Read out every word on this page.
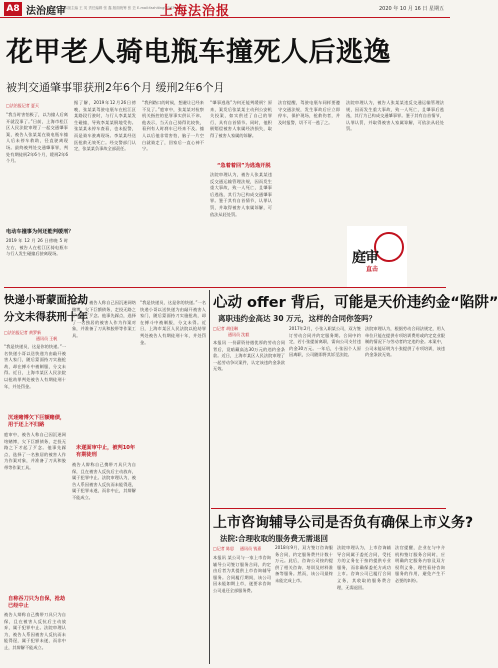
A8 法治庭审
本版主编 王 英 责任编辑 张 鑫 版面统筹 张 芸 E-mail:fazhiting@163.com
上海法治报	2020 年 10 月 16 日 星期五
花甲老人骑电瓶车撞死人后逃逸
被判交通肇事罪获刑2年6个月 缓刑2年6个月
□法治报记者 夏天
“我当时害怕极了，以为撞人后离开就没事了。”日前，上海市松江区人民法院审理了一起交通肇事案，被告人张某某在骑电瓶车撞人后未停车救助，径直驶离现场。最终被判处交通肇事罪，判处有期徒刑2年6个月，缓刑2年6个月。
据了解，2019年12月26日傍晚，张某某驾驶电瓶车在松江区某路段行驶时，与行人李某某发生碰撞，导致李某某倒地受伤。张某某未停车查看，也未报警，而是骑车驶离现场。李某某经送医抢救无效死亡。经交警部门认定，张某某负事故全部责任。
“我到路口的时候，想避让已经来不及了。”庭审中，张某某对检察机关指控的犯罪事实供认不讳。他表示，当天自己骑得比较快，看到有人时刹车已经来不及。撞人以后他非常害怕，脑子一片空白就骑走了，回家后一直心神不宁。
“肇事逃逸”为何还能判缓刑？原来，案发后张某某主动到公安机关投案，如实供述了自己的罪行，具有自首情节。同时，他积极赔偿被害人家属经济损失，取得了被害人家属的谅解。
“急着着回”为逃逸开脱
法院审理认为，被告人张某某违反交通运输管理法规，因而发生重大事故，致一人死亡，且肇事后逃逸，其行为已构成交通肇事罪。鉴于其有自首情节，认罪认罚，并取得被害人家属谅解，可依法从轻处罚。
法官提醒，驾驶电瓶车同样要遵守交通法规，发生事故后应立即停车，保护现场，抢救伤者，并及时报警，切不可一逃了之。
法院审理认为，被告人张某某违反交通运输管理法规，因而发生重大事故，致一人死亡，且肇事后逃逸，其行为已构成交通肇事罪。鉴于其有自首情节，认罪认罚，并取得被害人家属谅解，可依法从轻处罚。
电动车撞事为何还能判缓刑？
2019 年 12 月 26 日傍晚 5 时左右，被告人在松江区骑电瓶车与行人发生碰撞后驶离现场。	庭审
直击
快递小哥蒙面抢劫
分文未得获刑十年
□法治报记者 黄罗新
通讯员 王帆
“我是快递员，这是你的快递。”一名快递小哥以送快递为由敲开被害人家门，随后蒙面持刀实施抢劫，却在搏斗中被制服，分文未得。近日，上海市某区人民法院以抢劫罪判处被告人有期徒刑十年，并处罚金。
沉迷赌博欠下巨额赌债，用于还上不归路
庭审中，被告人称自己因沉迷网络赌博，欠下巨额债务，走投无路之下才起了歹念。他事先踩点，选择了一名独居的被害人作为作案对象，并准备了刀具和胶带等作案工具。
自称吞刀只为自保，抢劫已经中止
被告人辩称自己携带刀具只为自保，且在被害人反抗后主动放弃，属于犯罪中止。法院审理认为，被告人系因被害人反抗而未能得逞，属于犯罪未遂，而非中止，其辩解不能成立。
庭审中，被告人称自己因沉迷网络赌博，欠下巨额债务，走投无路之下才起了歹念。他事先踩点，选择了一名独居的被害人作为作案对象，并准备了刀具和胶带等作案工具。
未遂面审中止，被判10年有期徒刑
被告人辩称自己携带刀具只为自保，且在被害人反抗后主动放弃，属于犯罪中止。法院审理认为，被告人系因被害人反抗而未能得逞，属于犯罪未遂，而非中止，其辩解不能成立。
“我是快递员，这是你的快递。”一名快递小哥以送快递为由敲开被害人家门，随后蒙面持刀实施抢劫，却在搏斗中被制服，分文未得。近日，上海市某区人民法院以抢劫罪判处被告人有期徒刑十年，并处罚金。
心动 offer 背后，可能是天价违约金“陷阱”
离职违约金高达 30 万元，这样的合同你签吗？
□记者 胡佳琳
通讯员 沈毅
本报讯 一份薪资待遇优厚的劳动合同背后，竟暗藏高达30万元的违约金条款。近日，上海市某区人民法院审理了一起劳动争议案件，认定该违约金条款无效。
2017年2月，小张入职某公司，双方签订劳动合同并约定服务期。合同中约定，若小张提前离职，需向公司支付违约金30万元。一年后，小张因个人原因离职，公司随即将其诉至法院。
法院审理认为，根据劳动合同法规定，用人单位只能在提供专项培训费用或约定竞业限制的情况下与劳动者约定违约金。本案中，公司未能证明为小张提供了专项培训，该违约金条款无效。
上市咨询辅导公司是否负有确保上市义务?
法院:合理收取的服务费无需退回
□记者 陈思 通讯员 钱嘉
本报讯 某公司与一家上市咨询辅导公司签订服务合同，约定由后者为其提供上市咨询辅导服务。合同履行期间，该公司因未能如期上市，遂要求咨询公司退还全部服务费。
2018年9月，双方签订咨询服务合同，约定服务费共计数十万元。此后，咨询公司按约提供了相关咨询、培训及材料准备等服务。然而，该公司最终未能完成上市。
法院审理认为，上市咨询辅导合同属于委托合同，受托方的义务在于按约提供专业服务，而非确保委托方成功上市。咨询公司已履行合同义务，其收取的服务费合理，无需退回。
法官提醒，企业在与中介机构签订服务合同时，应明确约定服务内容及双方权利义务，理性看待咨询服务的作用，避免产生不必要的纠纷。
